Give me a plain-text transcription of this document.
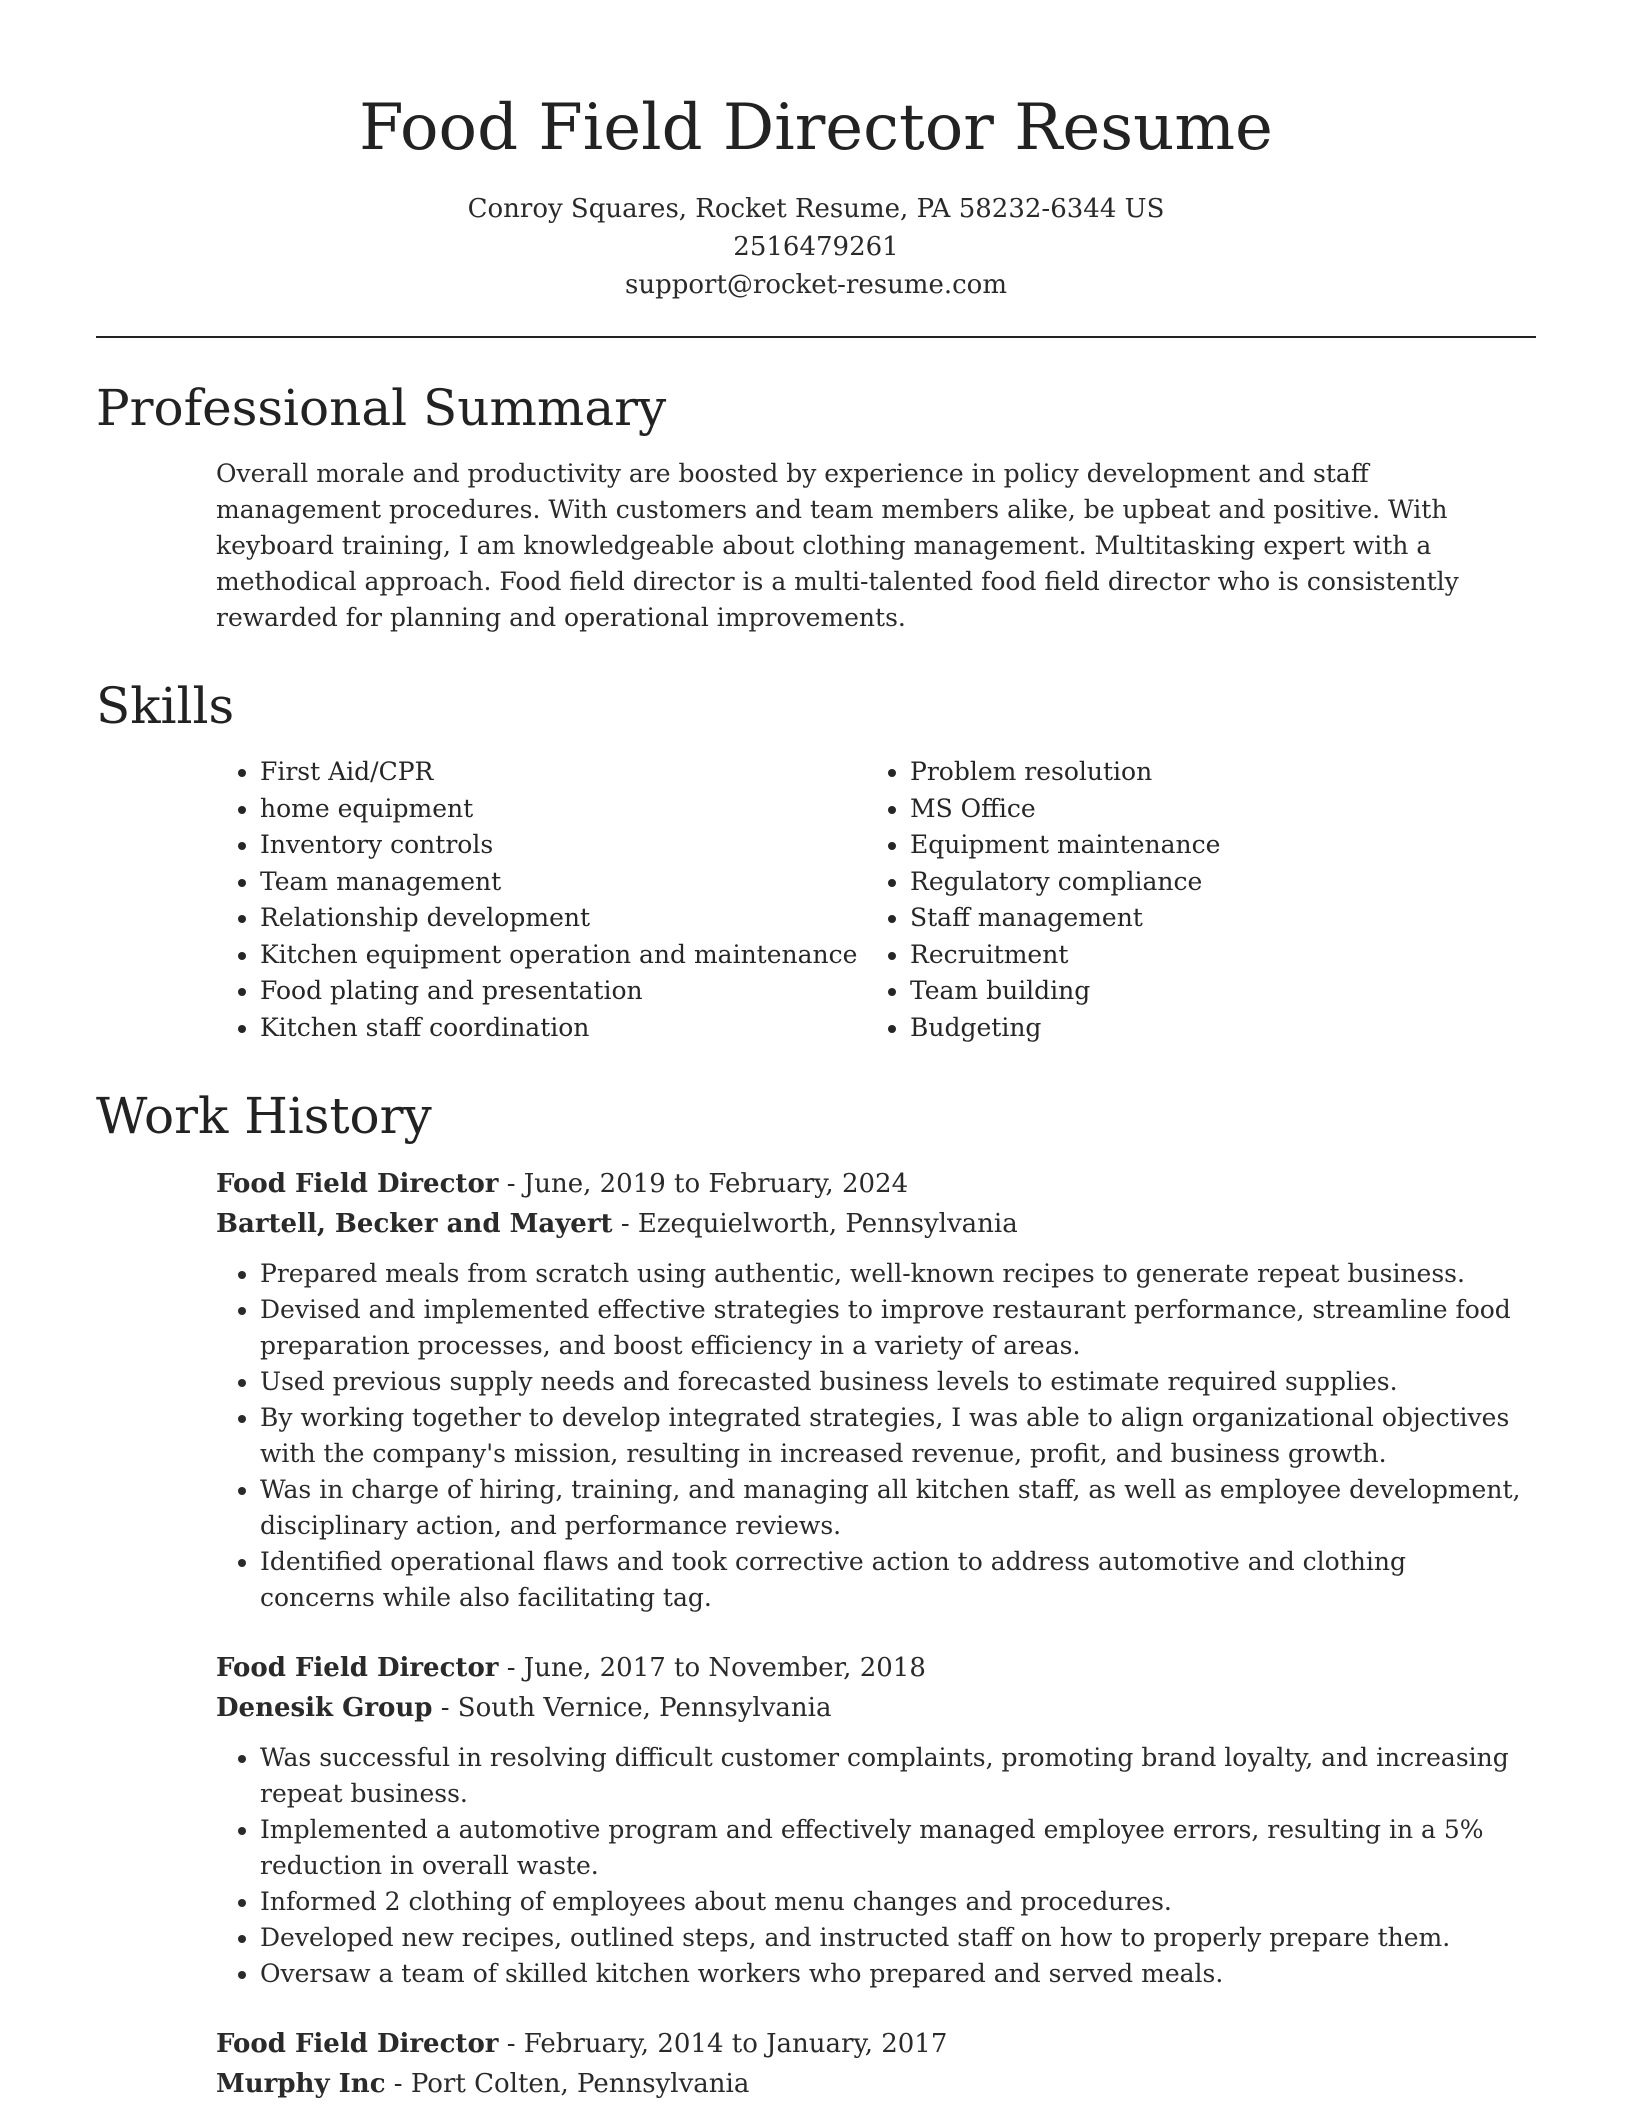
Food Field Director Resume
Conroy Squares, Rocket Resume, PA 58232-6344 US
2516479261
support@rocket-resume.com
Professional Summary
Overall morale and productivity are boosted by experience in policy development and staff management procedures. With customers and team members alike, be upbeat and positive. With keyboard training, I am knowledgeable about clothing management. Multitasking expert with a methodical approach. Food field director is a multi-talented food field director who is consistently rewarded for planning and operational improvements.
Skills
• First Aid/CPR
• home equipment
• Inventory controls
• Team management
• Relationship development
• Kitchen equipment operation and maintenance
• Food plating and presentation
• Kitchen staff coordination
• Problem resolution
• MS Office
• Equipment maintenance
• Regulatory compliance
• Staff management
• Recruitment
• Team building
• Budgeting
Work History
Food Field Director - June, 2019 to February, 2024
Bartell, Becker and Mayert - Ezequielworth, Pennsylvania
• Prepared meals from scratch using authentic, well-known recipes to generate repeat business.
• Devised and implemented effective strategies to improve restaurant performance, streamline food preparation processes, and boost efficiency in a variety of areas.
• Used previous supply needs and forecasted business levels to estimate required supplies.
• By working together to develop integrated strategies, I was able to align organizational objectives with the company's mission, resulting in increased revenue, profit, and business growth.
• Was in charge of hiring, training, and managing all kitchen staff, as well as employee development, disciplinary action, and performance reviews.
• Identified operational flaws and took corrective action to address automotive and clothing concerns while also facilitating tag.
Food Field Director - June, 2017 to November, 2018
Denesik Group - South Vernice, Pennsylvania
• Was successful in resolving difficult customer complaints, promoting brand loyalty, and increasing repeat business.
• Implemented a automotive program and effectively managed employee errors, resulting in a 5% reduction in overall waste.
• Informed 2 clothing of employees about menu changes and procedures.
• Developed new recipes, outlined steps, and instructed staff on how to properly prepare them.
• Oversaw a team of skilled kitchen workers who prepared and served meals.
Food Field Director - February, 2014 to January, 2017
Murphy Inc - Port Colten, Pennsylvania
